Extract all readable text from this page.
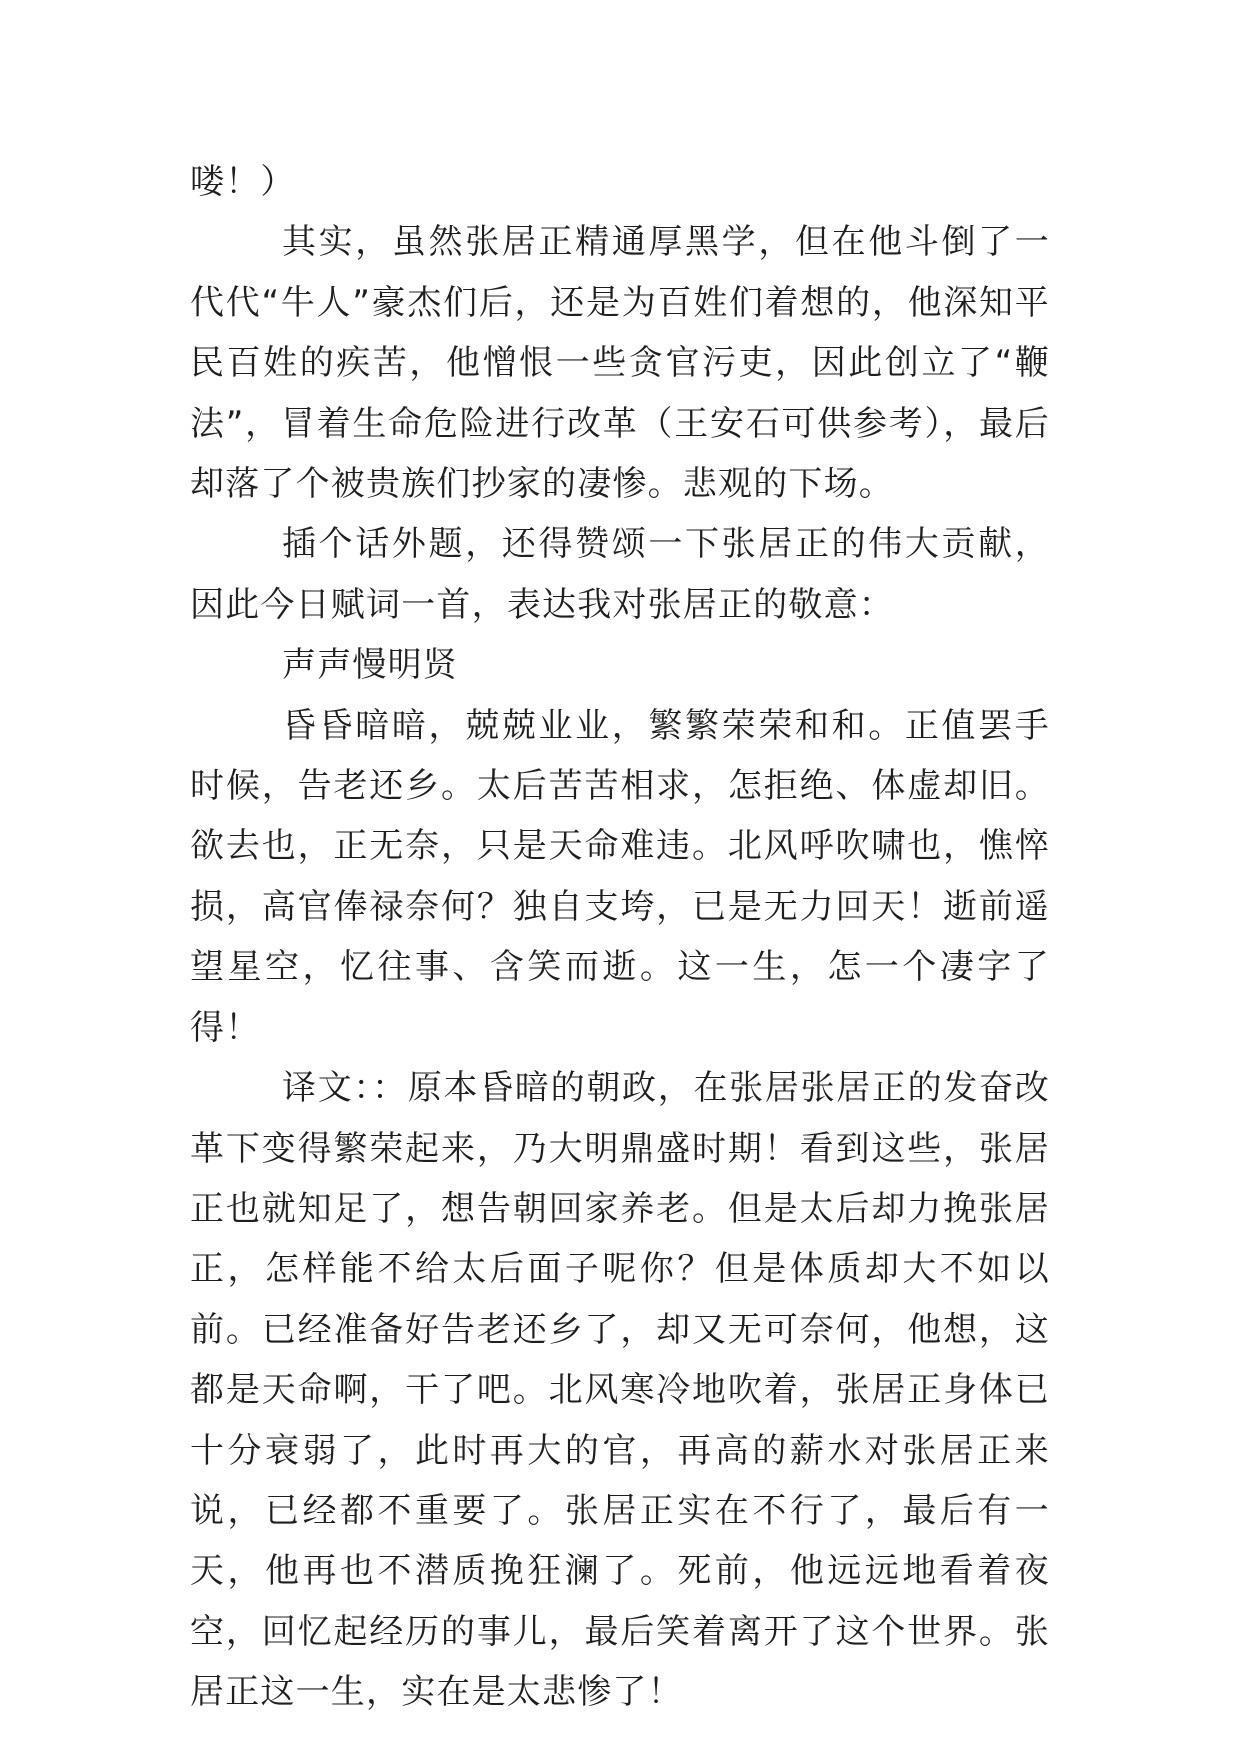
喽！）

其实，虽然张居正精通厚黑学，但在他斗倒了一代代“牛人”豪杰们后，还是为百姓们着想的，他深知平民百姓的疾苦，他憎恨一些贪官污吏，因此创立了“鞭法”，冒着生命危险进行改革（王安石可供参考），最后却落了个被贵族们抄家的凄惨。悲观的下场。

插个话外题，还得赞颂一下张居正的伟大贡献，因此今日赋词一首，表达我对张居正的敬意：

声声慢明贤

昏昏暗暗，兢兢业业，繁繁荣荣和和。正值罢手时候，告老还乡。太后苦苦相求，怎拒绝、体虚却旧。欲去也，正无奈，只是天命难违。北风呼吹啸也，憔悴损，高官俸禄奈何？独自支垮，已是无力回天！逝前遥望星空，忆往事、含笑而逝。这一生，怎一个凄字了得！

译文：：原本昏暗的朝政，在张居张居正的发奋改革下变得繁荣起来，乃大明鼎盛时期！看到这些，张居正也就知足了，想告朝回家养老。但是太后却力挽张居正，怎样能不给太后面子呢你？但是体质却大不如以前。已经准备好告老还乡了，却又无可奈何，他想，这都是天命啊，干了吧。北风寒冷地吹着，张居正身体已十分衰弱了，此时再大的官，再高的薪水对张居正来说，已经都不重要了。张居正实在不行了，最后有一天，他再也不潜质挽狂澜了。死前，他远远地看着夜空，回忆起经历的事儿，最后笑着离开了这个世界。张居正这一生，实在是太悲惨了！
